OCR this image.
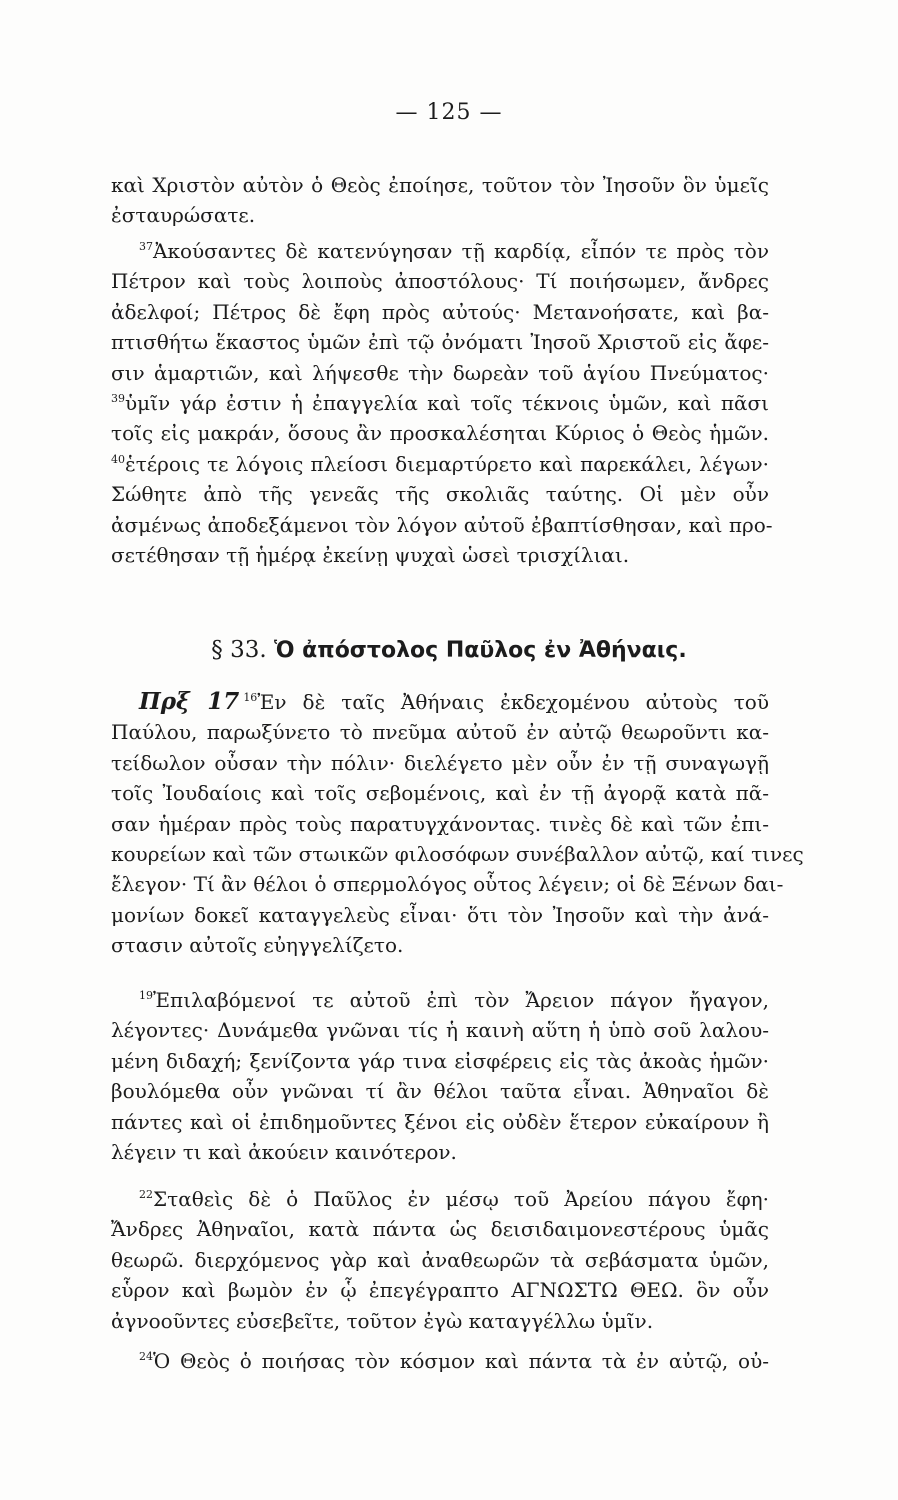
— 125 —
καὶ Χριστὸν αὐτὸν ὁ Θεὸς ἐποίησε, τοῦτον τὸν Ἰησοῦν ὃν ὑμεῖς
ἐσταυρώσατε.
$^{37}$Ἀκούσαντες δὲ κατενύγησαν τῇ καρδίᾳ, εἶπόν τε πρὸς τὸν
Πέτρον καὶ τοὺς λοιποὺς ἀποστόλους· Τί ποιήσωμεν, ἄνδρες
ἀδελφοί; Πέτρος δὲ ἔφη πρὸς αὐτούς· Μετανοήσατε, καὶ βα-
πτισθήτω ἕκαστος ὑμῶν ἐπὶ τῷ ὀνόματι Ἰησοῦ Χριστοῦ εἰς ἄφε-
σιν ἁμαρτιῶν, καὶ λήψεσθε τὴν δωρεὰν τοῦ ἁγίου Πνεύματος·
$^{39}$ὑμῖν γάρ ἐστιν ἡ ἐπαγγελία καὶ τοῖς τέκνοις ὑμῶν, καὶ πᾶσι
τοῖς εἰς μακράν, ὅσους ἂν προσκαλέσηται Κύριος ὁ Θεὸς ἡμῶν.
$^{40}$ἑτέροις τε λόγοις πλείοσι διεμαρτύρετο καὶ παρεκάλει, λέγων·
Σώθητε ἀπὸ τῆς γενεᾶς τῆς σκολιᾶς ταύτης. Οἱ μὲν οὖν
ἀσμένως ἀποδεξάμενοι τὸν λόγον αὐτοῦ ἐβαπτίσθησαν, καὶ προ-
σετέθησαν τῇ ἡμέρᾳ ἐκείνῃ ψυχαὶ ὡσεὶ τρισχίλιαι.
§ 33. Ὁ ἀπόστολος Παῦλος ἐν Ἀθήναις.
Πρξ 17 $^{16}$Ἐν δὲ ταῖς Ἀθήναις ἐκδεχομένου αὐτοὺς τοῦ
Παύλου, παρωξύνετο τὸ πνεῦμα αὐτοῦ ἐν αὐτῷ θεωροῦντι κα-
τείδωλον οὖσαν τὴν πόλιν· διελέγετο μὲν οὖν ἐν τῇ συναγωγῇ
τοῖς Ἰουδαίοις καὶ τοῖς σεβομένοις, καὶ ἐν τῇ ἀγορᾷ κατὰ πᾶ-
σαν ἡμέραν πρὸς τοὺς παρατυγχάνοντας. τινὲς δὲ καὶ τῶν ἐπι-
κουρείων καὶ τῶν στωικῶν φιλοσόφων συνέβαλλον αὐτῷ, καί τινες
ἔλεγον· Τί ἂν θέλοι ὁ σπερμολόγος οὗτος λέγειν; οἱ δὲ Ξένων δαι-
μονίων δοκεῖ καταγγελεὺς εἶναι· ὅτι τὸν Ἰησοῦν καὶ τὴν ἀνά-
στασιν αὐτοῖς εὐηγγελίζετο.
$^{19}$Ἐπιλαβόμενοί τε αὐτοῦ ἐπὶ τὸν Ἄρειον πάγον ἤγαγον,
λέγοντες· Δυνάμεθα γνῶναι τίς ἡ καινὴ αὕτη ἡ ὑπὸ σοῦ λαλου-
μένη διδαχή; ξενίζοντα γάρ τινα εἰσφέρεις εἰς τὰς ἀκοὰς ἡμῶν·
βουλόμεθα οὖν γνῶναι τί ἂν θέλοι ταῦτα εἶναι. Ἀθηναῖοι δὲ
πάντες καὶ οἱ ἐπιδημοῦντες ξένοι εἰς οὐδὲν ἕτερον εὐκαίρουν ἢ
λέγειν τι καὶ ἀκούειν καινότερον.
$^{22}$Σταθεὶς δὲ ὁ Παῦλος ἐν μέσῳ τοῦ Ἀρείου πάγου ἔφη·
Ἄνδρες Ἀθηναῖοι, κατὰ πάντα ὡς δεισιδαιμονεστέρους ὑμᾶς
θεωρῶ. διερχόμενος γὰρ καὶ ἀναθεωρῶν τὰ σεβάσματα ὑμῶν,
εὗρον καὶ βωμὸν ἐν ᾧ ἐπεγέγραπτο ΑΓΝΩΣΤΩ ΘΕΩ. ὃν οὖν
ἀγνοοῦντες εὐσεβεῖτε, τοῦτον ἐγὼ καταγγέλλω ὑμῖν.
$^{24}$Ὁ Θεὸς ὁ ποιήσας τὸν κόσμον καὶ πάντα τὰ ἐν αὐτῷ, οὐ-
